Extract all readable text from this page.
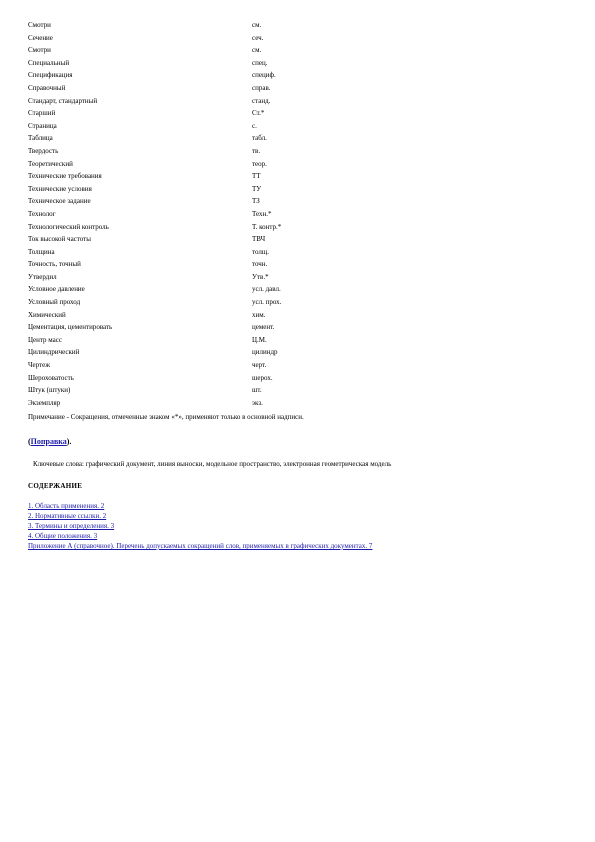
Смотри	см.
Сечение	сеч.
Смотри	см.
Специальный	спец.
Спецификация	специф.
Справочный	справ.
Стандарт, стандартный	станд.
Старший	Ст.*
Страница	с.
Таблица	табл.
Твердость	тв.
Теоретический	теор.
Технические требования	ТТ
Технические условия	ТУ
Техническое задание	ТЗ
Технолог	Техн.*
Технологический контроль	Т. контр.*
Ток высокой частоты	ТВЧ
Толщина	толщ.
Точность, точный	точн.
Утвердил	Утв.*
Условное давление	усл. давл.
Условный проход	усл. прох.
Химический	хим.
Цементация, цементировать	цемент.
Центр масс	Ц.М.
Цилиндрический	цилиндр
Чертеж	черт.
Шероховатость	шерох.
Штук (штуки)	шт.
Экземпляр	экз.
Примечание - Сокращения, отмеченные знаком «*», применяют только в основной надписи.
(Поправка).
Ключевые слова: графический документ, линия выноски, модельное пространство, электронная геометрическая модель
СОДЕРЖАНИЕ
1. Область применения. 2
2. Нормативные ссылки. 2
3. Термины и определения. 3
4. Общие положения. 3
Приложение А (справочное). Перечень допускаемых сокращений слов, применяемых в графических документах. 7
